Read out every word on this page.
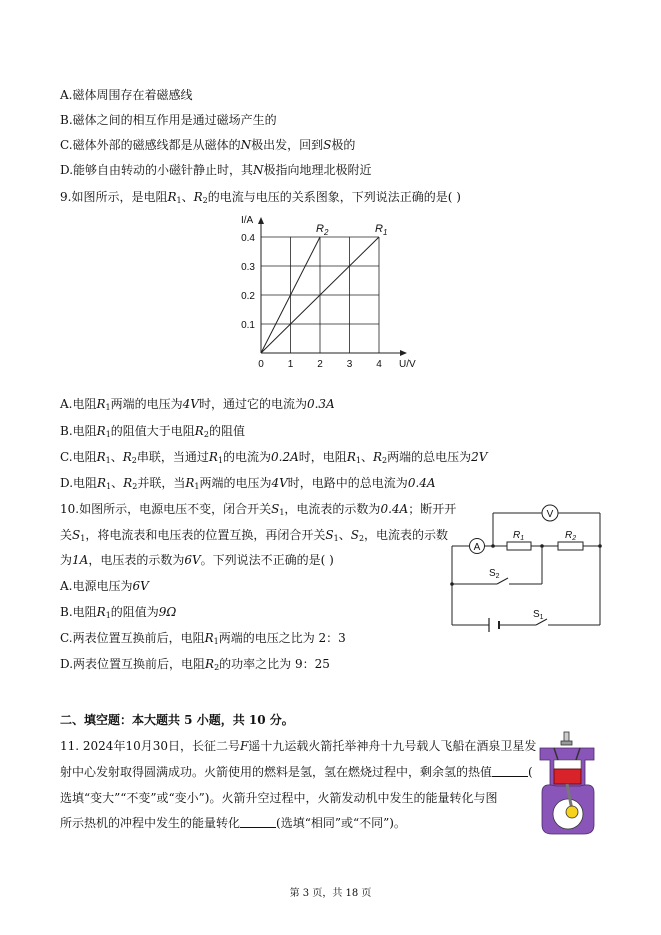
A.磁体周围存在着磁感线
B.磁体之间的相互作用是通过磁场产生的
C.磁体外部的磁感线都是从磁体的N极出发，回到S极的
D.能够自由转动的小磁针静止时，其N极指向地理北极附近
9.如图所示，是电阻$R_1$、$R_2$的电流与电压的关系图象，下列说法正确的是( )
0 1 2 3 4
0.1
0.2
0.3
0.4
I/A
U/V
$R_2$	$R_1$
A.电阻$R_1$两端的电压为4V时，通过它的电流为0.3A
B.电阻$R_1$的阻值大于电阻$R_2$的阻值
C.电阻$R_1$、$R_2$串联，当通过$R_1$的电流为0.2A时，电阻$R_1$、$R_2$两端的总电压为2V
D.电阻$R_1$、$R_2$并联，当$R_1$两端的电压为4V时，电路中的总电流为0.4A
10.如图所示，电源电压不变，闭合开关$S_1$，电流表的示数为0.4A；断开开
关$S_1$，将电流表和电压表的位置互换，再闭合开关$S_1$、$S_2$，电流表的示数
为1A，电压表的示数为6V。下列说法不正确的是( )
A.电源电压为6V
B.电阻$R_1$的阻值为9Ω
C.两表位置互换前后，电阻$R_1$两端的电压之比为 2：3
D.两表位置互换前后，电阻$R_2$的功率之比为 9：25
V
A
$R_1$	$R_2$
$S_2$
$S_1$
二、填空题：本大题共 5 小题，共 10 分。
11. 2024年10月30日，长征二号F遥十九运载火箭托举神舟十九号载人飞船在酒泉卫星发
射中心发射取得圆满成功。火箭使用的燃料是氢，氢在燃烧过程中，剩余氢的热值	(
选填“变大”“不变”或“变小”)。火箭升空过程中，火箭发动机中发生的能量转化与图
所示热机的冲程中发生的能量转化	(选填“相同”或“不同”)。
第 3 页，共 18 页
